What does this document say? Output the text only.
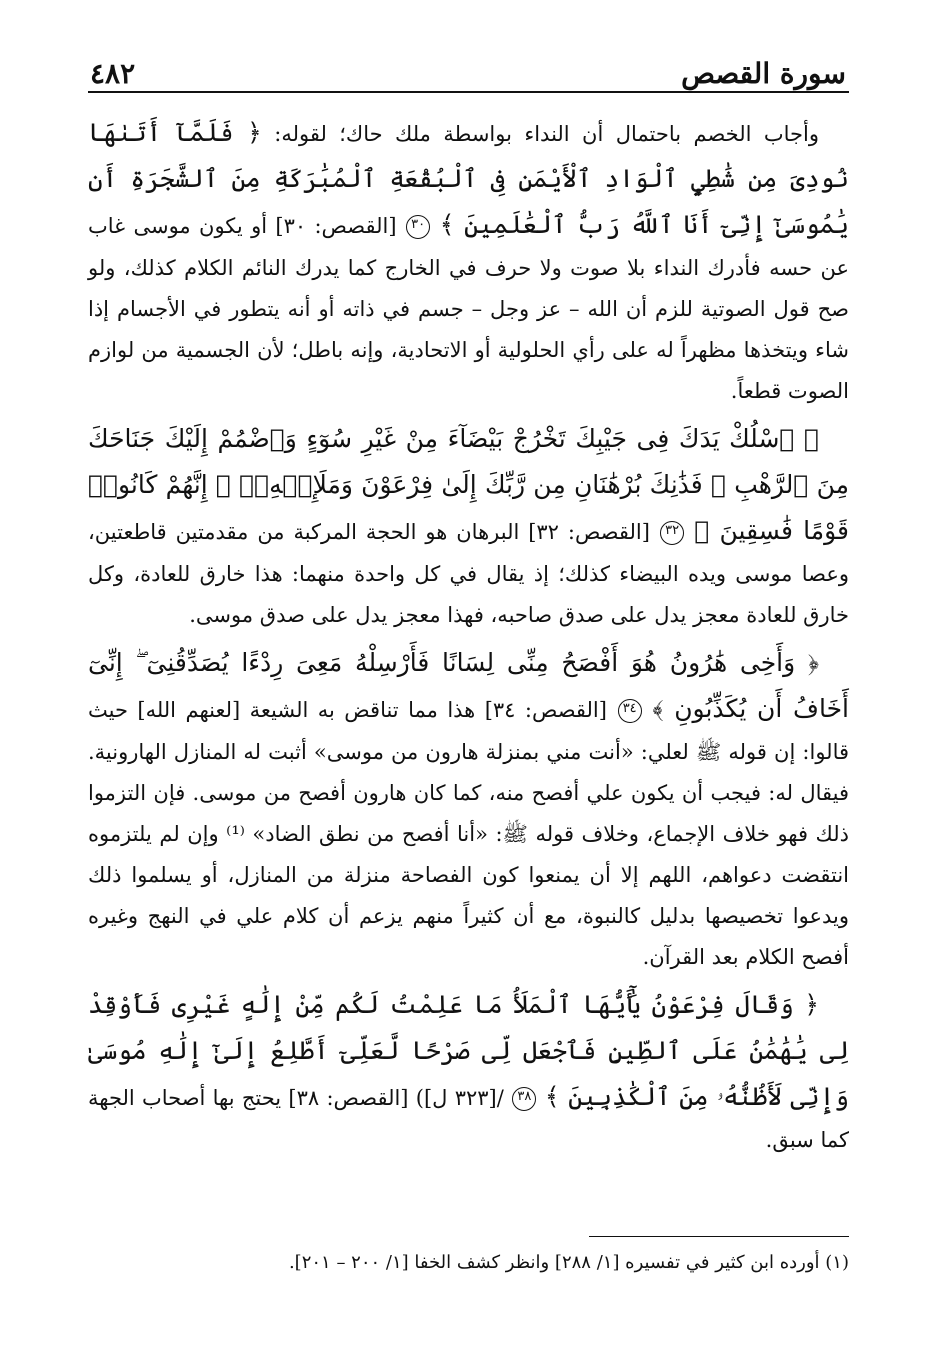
سورة القصص
٤٨٢

وأجاب الخصم باحتمال أن النداء بواسطة ملك حاك؛ لقوله: ﴿ فَلَمَّآ أَتَىٰهَا نُودِىَ مِن شَٰطِيِٕ ٱلْوَادِ ٱلْأَيْمَنِ فِى ٱلْبُقْعَةِ ٱلْمُبَٰرَكَةِ مِنَ ٱلشَّجَرَةِ أَن يَٰمُوسَىٰٓ إِنِّىٓ أَنَا ٱللَّهُ رَبُّ ٱلْعَٰلَمِينَ ﴾ ٣٠ [القصص: ٣٠] أو يكون موسى غاب عن حسه فأدرك النداء بلا صوت ولا حرف في الخارج كما يدرك النائم الكلام كذلك، ولو صح قول الصوتية للزم أن الله – عز وجل – جسم في ذاته أو أنه يتطور في الأجسام إذا شاء ويتخذها مظهراً له على رأي الحلولية أو الاتحادية، وإنه باطل؛ لأن الجسمية من لوازم الصوت قطعاً.

﴿ ٱسْلُكْ يَدَكَ فِى جَيْبِكَ تَخْرُجْ بَيْضَآءَ مِنْ غَيْرِ سُوٓءٍ وَٱضْمُمْ إِلَيْكَ جَنَاحَكَ مِنَ ٱلرَّهْبِ ۖ فَذَٰنِكَ بُرْهَٰنَانِ مِن رَّبِّكَ إِلَىٰ فِرْعَوْنَ وَمَلَإِي۟هِۦٓ ۚ إِنَّهُمْ كَانُوا۟ قَوْمًا فَٰسِقِينَ ﴾ ٣٢ [القصص: ٣٢] البرهان هو الحجة المركبة من مقدمتين قاطعتين، وعصا موسى ويده البيضاء كذلك؛ إذ يقال في كل واحدة منهما: هذا خارق للعادة، وكل خارق للعادة معجز يدل على صدق صاحبه، فهذا معجز يدل على صدق موسى.

﴿ وَأَخِى هَٰرُونُ هُوَ أَفْصَحُ مِنِّى لِسَانًا فَأَرْسِلْهُ مَعِىَ رِدْءًا يُصَدِّقُنِىٓ ۖ إِنِّىٓ أَخَافُ أَن يُكَذِّبُونِ ﴾ ٣٤ [القصص: ٣٤] هذا مما تناقض به الشيعة [لعنهم الله] حيث قالوا: إن قوله ﷺ لعلي: «أنت مني بمنزلة هارون من موسى» أثبت له المنازل الهارونية. فيقال له: فيجب أن يكون علي أفصح منه، كما كان هارون أفصح من موسى. فإن التزموا ذلك فهو خلاف الإجماع، وخلاف قوله ﷺ: «أنا أفصح من نطق الضاد» ⁽¹⁾ وإن لم يلتزموه انتقضت دعواهم، اللهم إلا أن يمنعوا كون الفصاحة منزلة من المنازل، أو يسلموا ذلك ويدعوا تخصيصها بدليل كالنبوة، مع أن كثيراً منهم يزعم أن كلام علي في النهج وغيره أفصح الكلام بعد القرآن.

﴿ وَقَالَ فِرْعَوْنُ يَٰٓأَيُّهَا ٱلْمَلَأُ مَا عَلِمْتُ لَكُم مِّنْ إِلَٰهٍ غَيْرِى فَأَوْقِدْ لِى يَٰهَٰمَٰنُ عَلَى ٱلطِّينِ فَٱجْعَل لِّى صَرْحًا لَّعَلِّىٓ أَطَّلِعُ إِلَىٰٓ إِلَٰهِ مُوسَىٰ وَإِنِّى لَأَظُنُّهُۥ مِنَ ٱلْكَٰذِبِينَ ﴾ ٣٨ /[٣٢٣ ل]) [القصص: ٣٨] يحتج بها أصحاب الجهة كما سبق.

(١) أورده ابن كثير في تفسيره [١/ ٢٨٨] وانظر كشف الخفا [١/ ٢٠٠ – ٢٠١].
